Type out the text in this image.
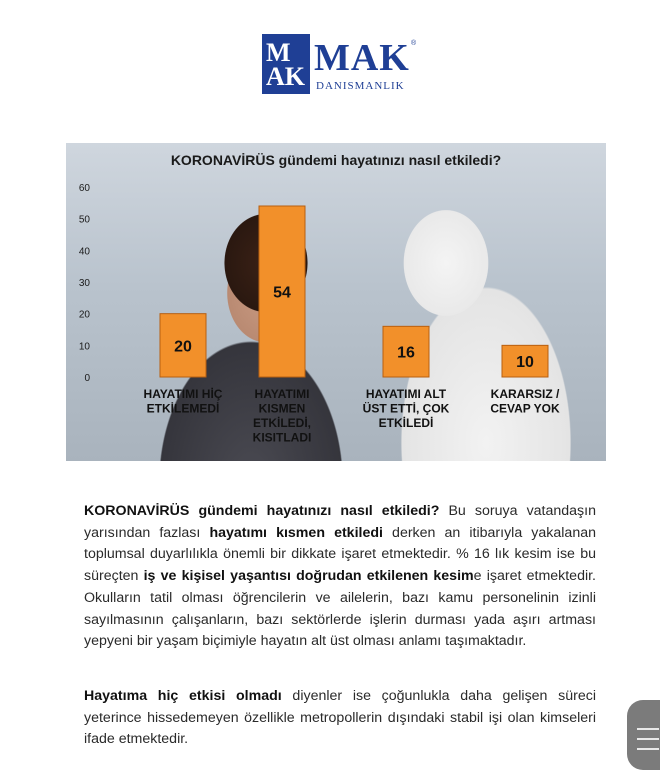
M
AK MAK ®
DANISMANLIK
0
10
20
30
40
50
60
20
HAYATIMI HİÇ
ETKİLEMEDİ
54
HAYATIMI
KISMEN
ETKİLEDİ,
KISITLADI
16
HAYATIMI ALT
ÜST ETTİ, ÇOK
ETKİLEDİ
10
KARARSIZ /
CEVAP YOK
KORONAVİRÜS gündemi hayatınızı nasıl etkiledi?

KORONAVİRÜS gündemi hayatınızı nasıl etkiledi? Bu soruya vatandaşın yarısından fazlası hayatımı kısmen etkiledi derken an itibarıyla yakalanan toplumsal duyarlılıkla önemli bir dikkate işaret etmektedir. % 16 lık kesim ise bu süreçten iş ve kişisel yaşantısı doğrudan etkilenen kesime işaret etmektedir. Okulların tatil olması öğrencilerin ve ailelerin, bazı kamu personelinin izinli sayılmasının çalışanların, bazı sektörlerde işlerin durması yada aşırı artması yepyeni bir yaşam biçimiyle hayatın alt üst olması anlamı taşımaktadır.

Hayatıma hiç etkisi olmadı diyenler ise çoğunlukla daha gelişen süreci yeterince hissedemeyen özellikle metropollerin dışındaki stabil işi olan kimseleri ifade etmektedir.
